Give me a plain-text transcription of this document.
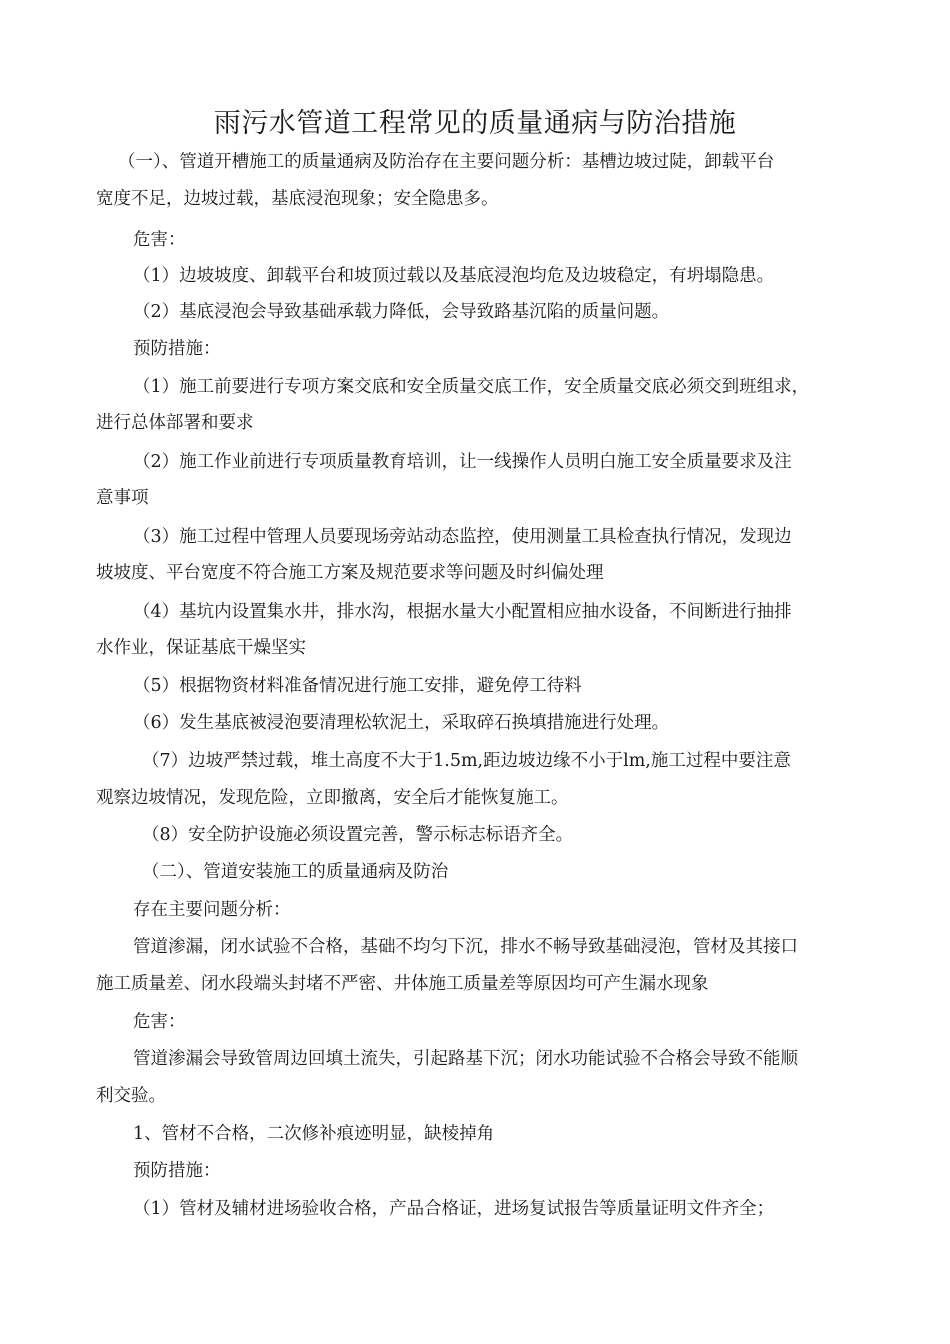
雨污水管道工程常见的质量通病与防治措施
（一）、管道开槽施工的质量通病及防治存在主要问题分析：基槽边坡过陡，卸载平台
宽度不足，边坡过载，基底浸泡现象；安全隐患多。
危害：
（1）边坡坡度、卸载平台和坡顶过载以及基底浸泡均危及边坡稳定，有坍塌隐患。
（2）基底浸泡会导致基础承载力降低，会导致路基沉陷的质量问题。
预防措施：
（1）施工前要进行专项方案交底和安全质量交底工作，安全质量交底必须交到班组求，
进行总体部署和要求
（2）施工作业前进行专项质量教育培训，让一线操作人员明白施工安全质量要求及注
意事项
（3）施工过程中管理人员要现场旁站动态监控，使用测量工具检查执行情况，发现边
坡坡度、平台宽度不符合施工方案及规范要求等问题及时纠偏处理
（4）基坑内设置集水井，排水沟，根据水量大小配置相应抽水设备，不间断进行抽排
水作业，保证基底干燥坚实
（5）根据物资材料准备情况进行施工安排，避免停工待料
（6）发生基底被浸泡要清理松软泥土，采取碎石换填措施进行处理。
（7）边坡严禁过载，堆土高度不大于1.5m,距边坡边缘不小于lm,施工过程中要注意
观察边坡情况，发现危险，立即撤离，安全后才能恢复施工。
（8）安全防护设施必须设置完善，警示标志标语齐全。
（二）、管道安装施工的质量通病及防治
存在主要问题分析：
管道渗漏，闭水试验不合格，基础不均匀下沉，排水不畅导致基础浸泡，管材及其接口
施工质量差、闭水段端头封堵不严密、井体施工质量差等原因均可产生漏水现象
危害：
管道渗漏会导致管周边回填土流失，引起路基下沉；闭水功能试验不合格会导致不能顺
利交验。
1、管材不合格，二次修补痕迹明显，缺棱掉角
预防措施：
（1）管材及辅材进场验收合格，产品合格证，进场复试报告等质量证明文件齐全；
